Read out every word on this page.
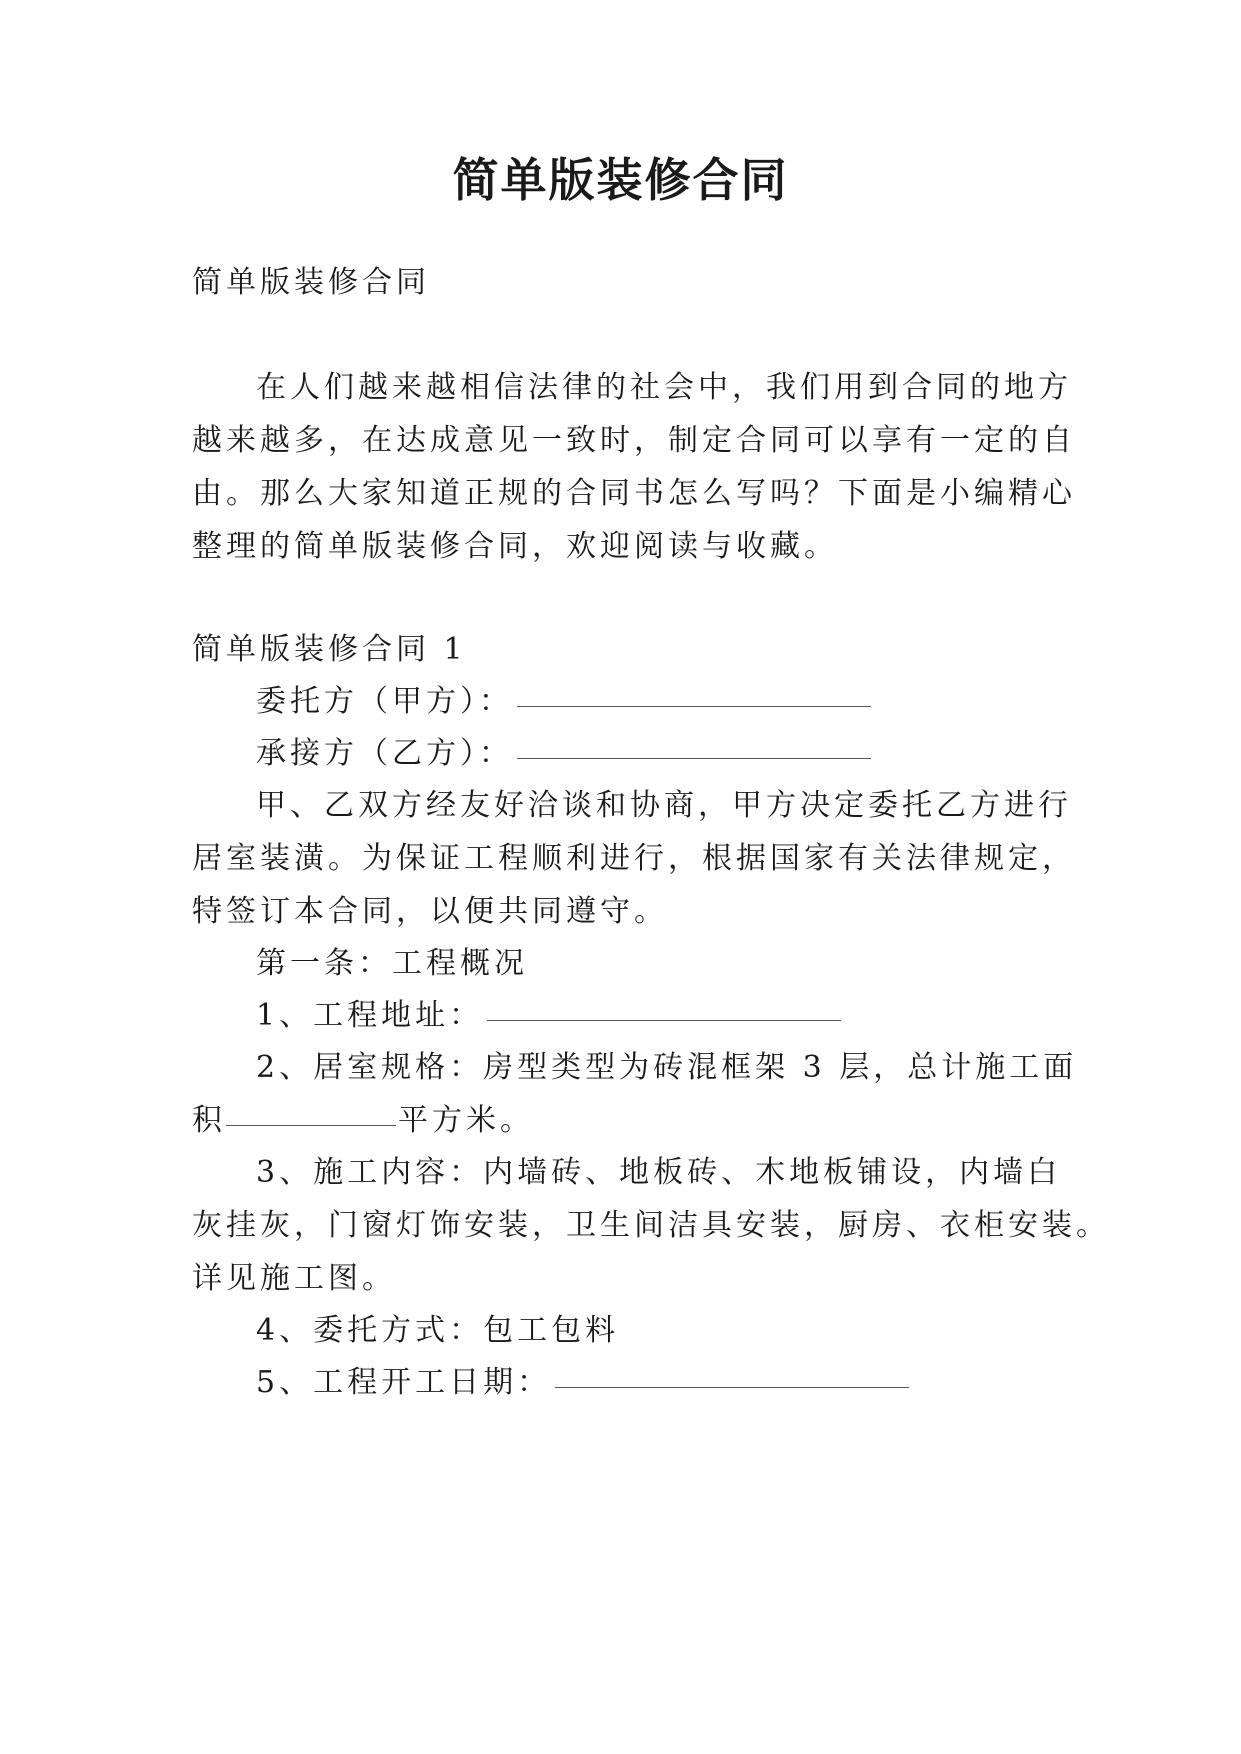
简单版装修合同

简单版装修合同

在人们越来越相信法律的社会中，我们用到合同的地方

越来越多，在达成意见一致时，制定合同可以享有一定的自

由。那么大家知道正规的合同书怎么写吗？下面是小编精心

整理的简单版装修合同，欢迎阅读与收藏。

简单版装修合同 1

委托方（甲方）：

承接方（乙方）：

甲、乙双方经友好洽谈和协商，甲方决定委托乙方进行

居室装潢。为保证工程顺利进行，根据国家有关法律规定，

特签订本合同，以便共同遵守。

第一条：工程概况

1、工程地址：

2、居室规格：房型类型为砖混框架 3 层，总计施工面

积	平方米。

3、施工内容：内墙砖、地板砖、木地板铺设，内墙白

灰挂灰，门窗灯饰安装，卫生间洁具安装，厨房、衣柜安装。

详见施工图。

4、委托方式：包工包料

5、工程开工日期：
